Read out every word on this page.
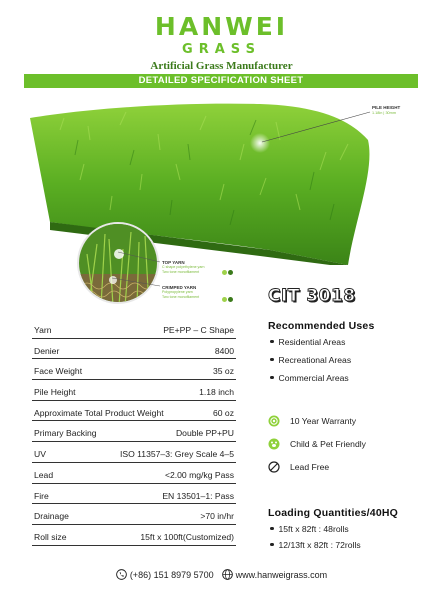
HANWEI
GRASS
Artificial Grass Manufacturer
DETAILED SPECIFICATION SHEET
PILE HEIGHT
1.18in | 30mm
TOP YARN
C shape polyethylene yarn
Two tone monofilament
CRIMPED YARN
Polypropylene yarn
Two tone monofilament	CIT 3018
Yarn	PE+PP – C Shape
Denier	8400
Face Weight	35 oz
Pile Height	1.18 inch
Approximate Total Product Weight	60 oz
Primary Backing	Double PP+PU
UV	ISO 11357–3: Grey Scale 4–5
Lead	<2.00 mg/kg Pass
Fire	EN 13501–1: Pass
Drainage	>70 in/hr
Roll size	15ft x 100ft(Customized)
Recommended Uses
Residential Areas
Recreational Areas
Commercial Areas
10 Year Warranty
Child & Pet Friendly
Lead Free
Loading Quantities/40HQ
15ft x 82ft : 48rolls
12/13ft x 82ft : 72rolls
(+86) 151 8979 5700 www.hanweigrass.com
